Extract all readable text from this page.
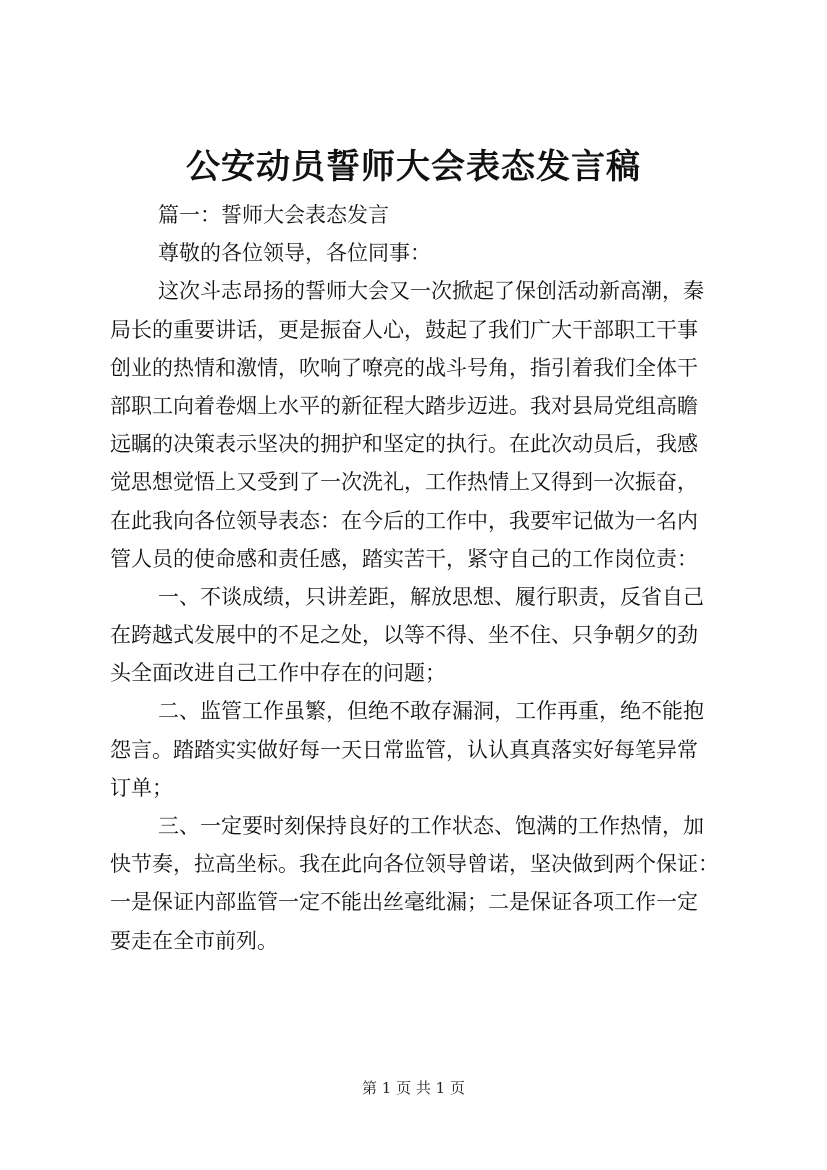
公安动员誓师大会表态发言稿
篇一：誓师大会表态发言
尊敬的各位领导，各位同事：
这次斗志昂扬的誓师大会又一次掀起了保创活动新高潮，秦
局长的重要讲话，更是振奋人心，鼓起了我们广大干部职工干事
创业的热情和激情，吹响了嘹亮的战斗号角，指引着我们全体干
部职工向着卷烟上水平的新征程大踏步迈进。我对县局党组高瞻
远瞩的决策表示坚决的拥护和坚定的执行。在此次动员后，我感
觉思想觉悟上又受到了一次洗礼，工作热情上又得到一次振奋，
在此我向各位领导表态：在今后的工作中，我要牢记做为一名内
管人员的使命感和责任感，踏实苦干，紧守自己的工作岗位责：
一、不谈成绩，只讲差距，解放思想、履行职责，反省自己
在跨越式发展中的不足之处，以等不得、坐不住、只争朝夕的劲
头全面改进自己工作中存在的问题；
二、监管工作虽繁，但绝不敢存漏洞，工作再重，绝不能抱
怨言。踏踏实实做好每一天日常监管，认认真真落实好每笔异常
订单；
三、一定要时刻保持良好的工作状态、饱满的工作热情，加
快节奏，拉高坐标。我在此向各位领导曾诺，坚决做到两个保证：
一是保证内部监管一定不能出丝毫纰漏；二是保证各项工作一定
要走在全市前列。
第 1 页 共 1 页
